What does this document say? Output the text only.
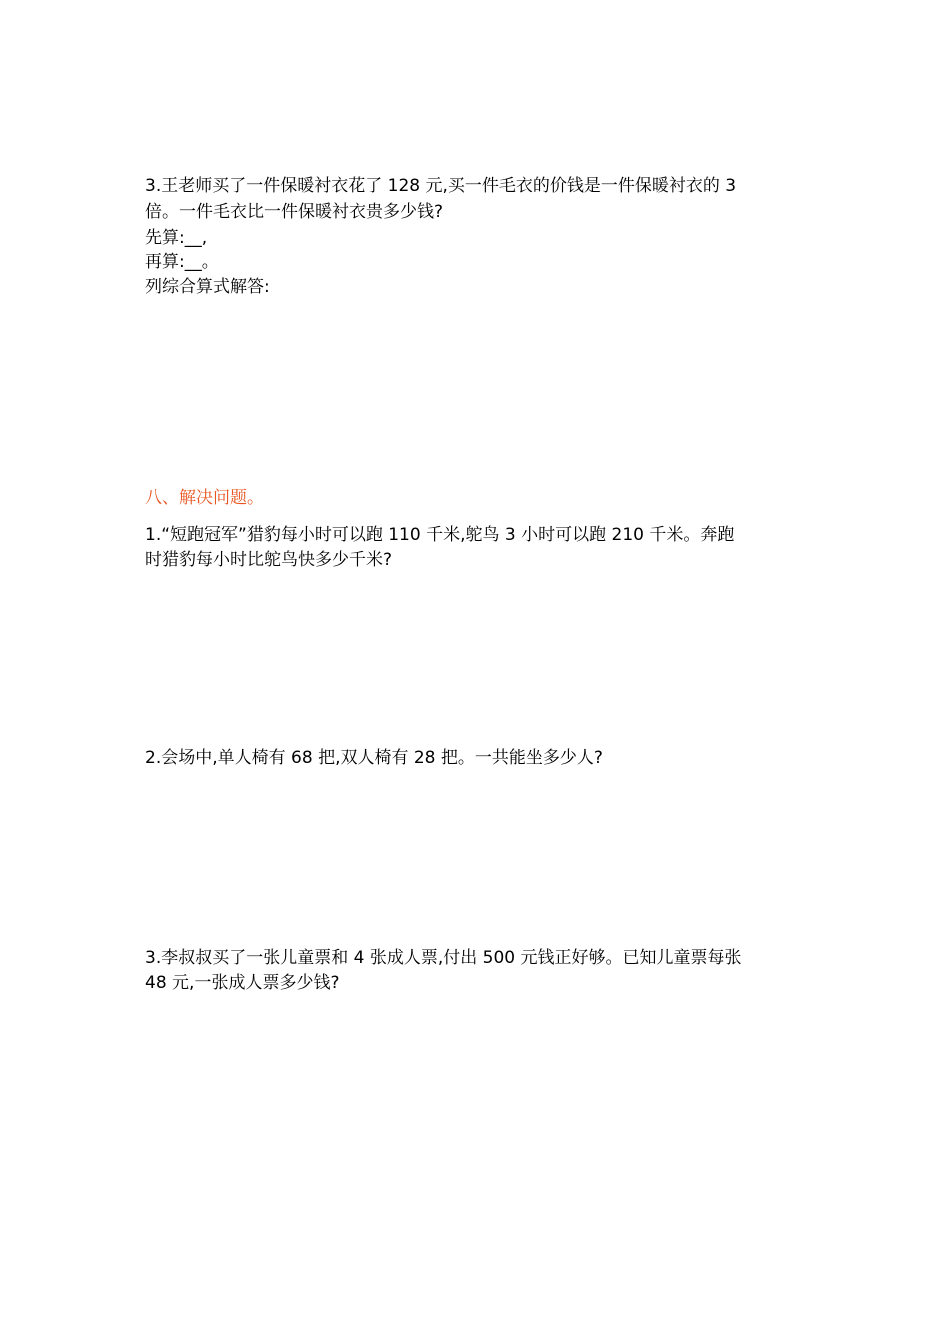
3.王老师买了一件保暖衬衣花了 128 元,买一件毛衣的价钱是一件保暖衬衣的 3
倍。一件毛衣比一件保暖衬衣贵多少钱?
先算:__,
再算:__。
列综合算式解答:
八、解决问题。
1.“短跑冠军”猎豹每小时可以跑 110 千米,鸵鸟 3 小时可以跑 210 千米。奔跑
时猎豹每小时比鸵鸟快多少千米?
2.会场中,单人椅有 68 把,双人椅有 28 把。一共能坐多少人?
3.李叔叔买了一张儿童票和 4 张成人票,付出 500 元钱正好够。已知儿童票每张
48 元,一张成人票多少钱?
